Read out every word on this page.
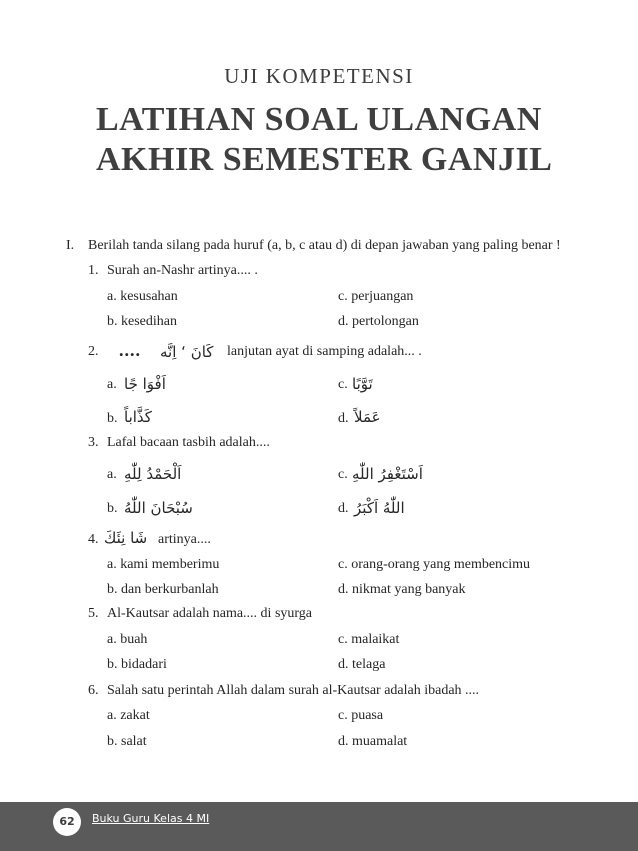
UJI KOMPETENSI
LATIHAN SOAL ULANGAN
AKHIR SEMESTER GANJIL
I. Berilah tanda silang pada huruf (a, b, c atau d) di depan jawaban yang paling benar !
1. Surah an-Nashr artinya.... .
a. kesusahan	c. perjuangan
b. kesedihan	d. pertolongan
2. .... كَانَ ‘ اِنَّه lanjutan ayat di samping adalah... .
a. اَفْوَا جًا	c. تَوَّبًا
b. كَذَّاباً	d. عَمَلاً
3. Lafal bacaan tasbih adalah....
a. اَلْحَمْدُ لِلّٰهِ	c. اَسْتَغْفِرُ اللّٰهِ
b. سُبْحَانَ اللّٰهُ	d. اللّٰهُ اَكْبَرُ
4. شَا نِئَكَ artinya....
a. kami memberimu	c. orang-orang yang membencimu
b. dan berkurbanlah	d. nikmat yang banyak
5. Al-Kautsar adalah nama.... di syurga
a. buah	c. malaikat
b. bidadari	d. telaga
6. Salah satu perintah Allah dalam surah al-Kautsar adalah ibadah ....
a. zakat	c. puasa
b. salat	d. muamalat
62	Buku Guru Kelas 4 MI
